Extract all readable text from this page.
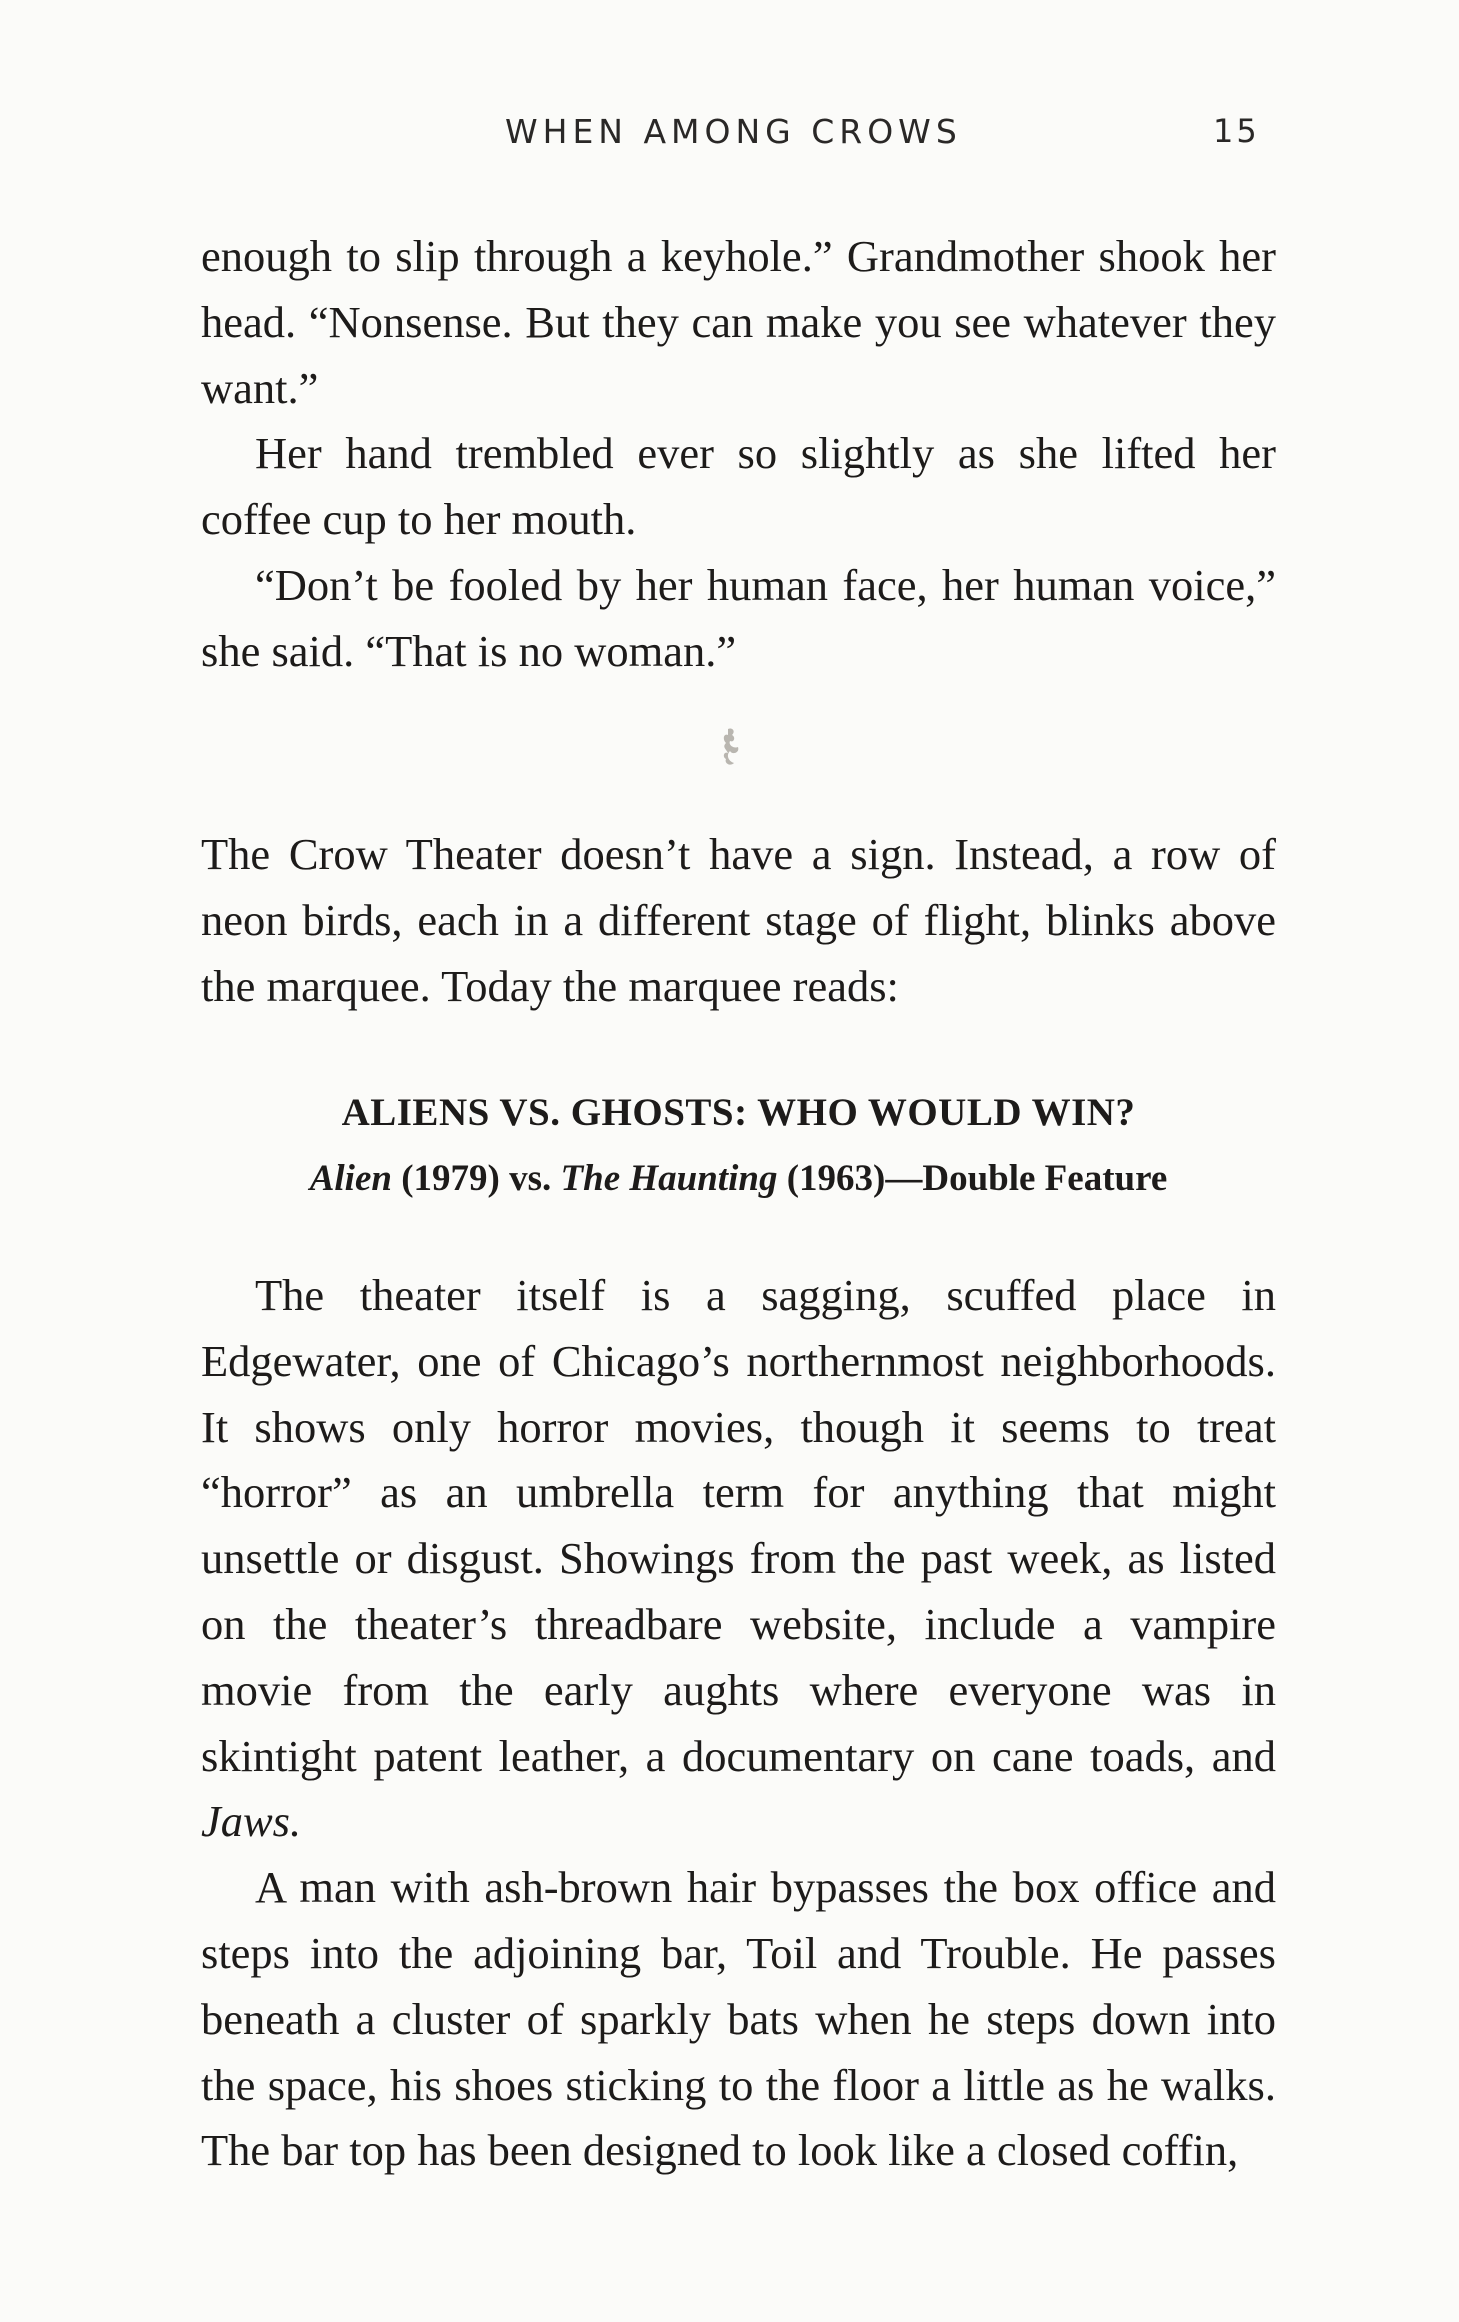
WHEN AMONG CROWS	15

enough to slip through a keyhole.” Grandmother shook her head. “Nonsense. But they can make you see whatever they want.”

Her hand trembled ever so slightly as she lifted her coffee cup to her mouth.

“Don’t be fooled by her human face, her human voice,” she said. “That is no woman.”

The Crow Theater doesn’t have a sign. Instead, a row of neon birds, each in a different stage of flight, blinks above the marquee. Today the marquee reads:

ALIENS VS. GHOSTS: WHO WOULD WIN?
Alien (1979) vs. The Haunting (1963)—Double Feature

The theater itself is a sagging, scuffed place in Edgewater, one of Chicago’s northernmost neighborhoods. It shows only horror movies, though it seems to treat “horror” as an umbrella term for anything that might unsettle or disgust. Showings from the past week, as listed on the theater’s threadbare website, include a vampire movie from the early aughts where everyone was in skintight patent leather, a documentary on cane toads, and Jaws.

A man with ash-brown hair bypasses the box office and steps into the adjoining bar, Toil and Trouble. He passes beneath a cluster of sparkly bats when he steps down into the space, his shoes sticking to the floor a little as he walks. The bar top has been designed to look like a closed coffin,
